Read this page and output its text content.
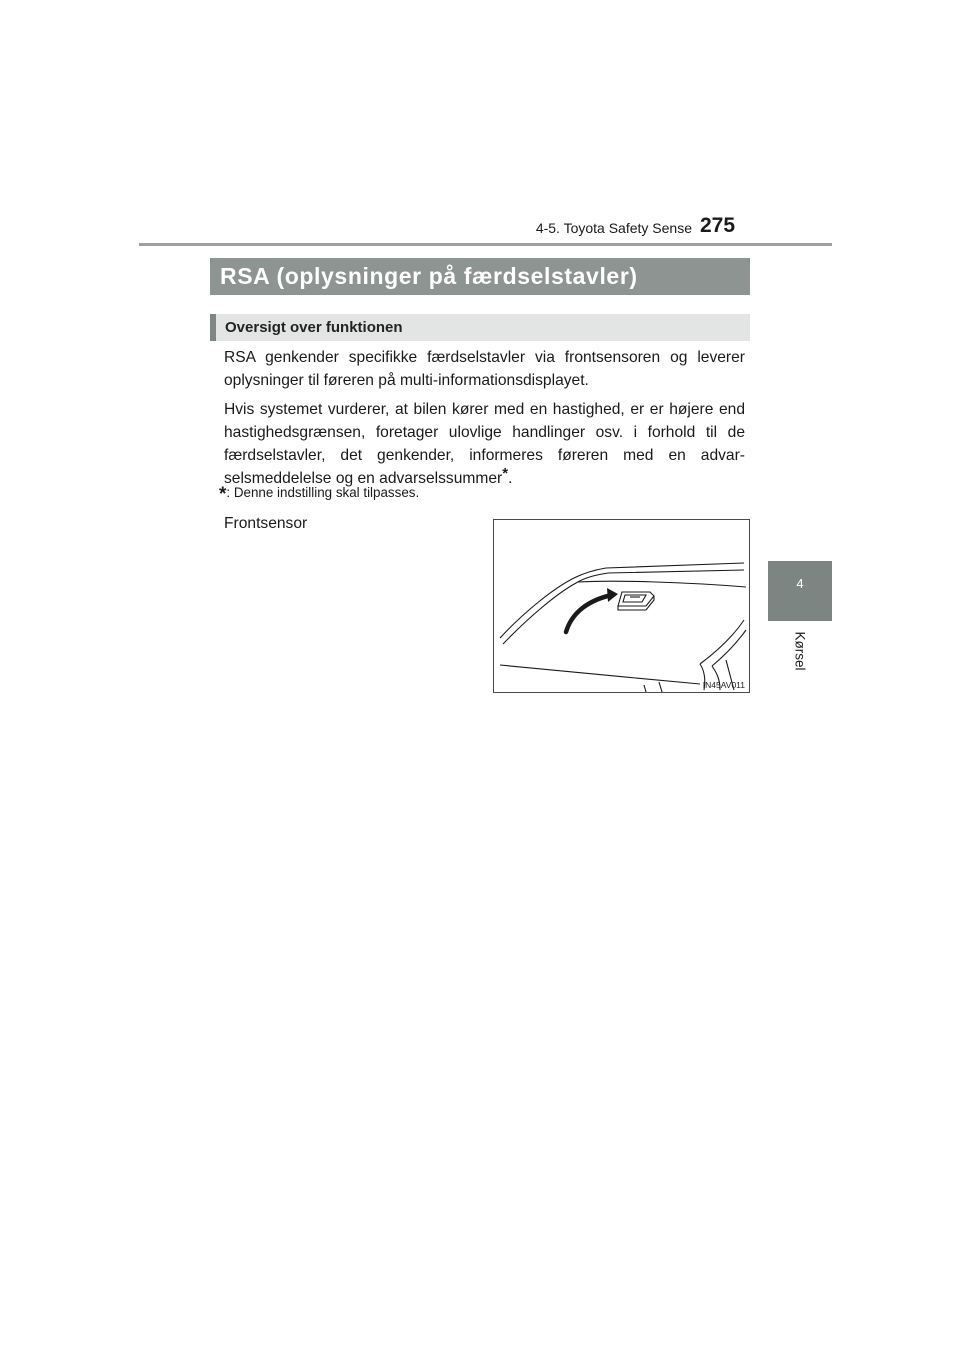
4-5. Toyota Safety Sense 275
RSA (oplysninger på færdselstavler)
Oversigt over funktionen
RSA genkender specifikke færdselstavler via frontsensoren og leverer oplysninger til føreren på multi-informationsdisplayet.
Hvis systemet vurderer, at bilen kører med en hastighed, er er højere end hastighedsgrænsen, foretager ulovlige handlinger osv. i forhold til de færdselstavler, det genkender, informeres føreren med en advar-selsmeddelelse og en advarselssummer*.
*: Denne indstilling skal tilpasses.
Frontsensor
IN45AV011
4
Kørsel
